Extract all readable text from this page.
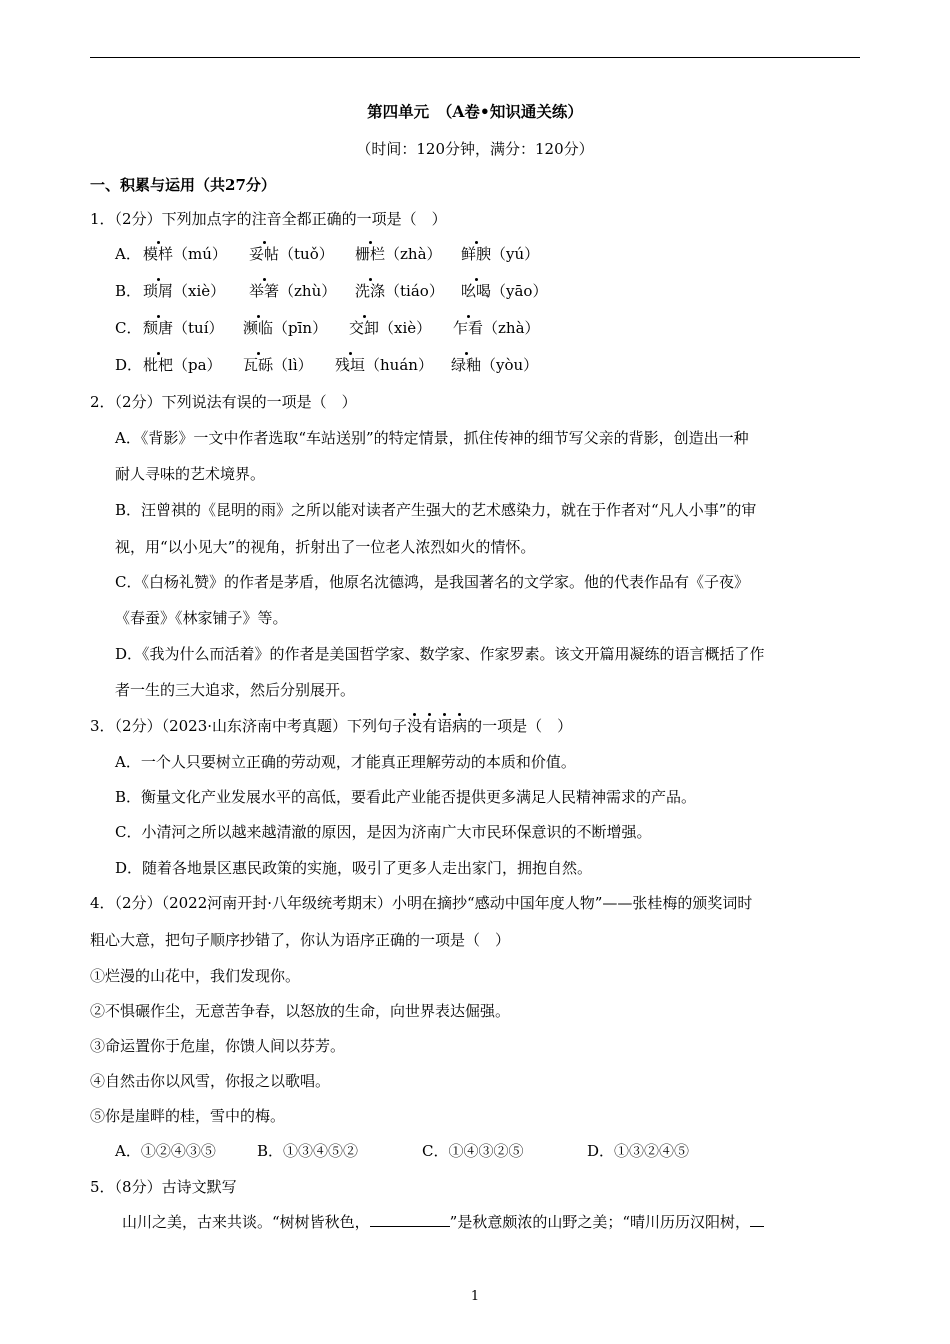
第四单元　（A卷•知识通关练）
（时间：120分钟，满分：120分）
一、积累与运用（共27分）
1．（2分）下列加点字的注音全都正确的一项是（　）
A． 模样（mú） 妥帖（tuǒ） 栅栏（zhà） 鲜腴（yú）
B． 琐屑（xiè） 举箸（zhù） 洗涤（tiáo） 吆喝（yāo）
C． 颓唐（tuí） 濒临（pīn） 交卸（xiè） 乍看（zhà）
D． 枇杷（pa） 瓦砾（lì） 残垣（huán） 绿釉（yòu）
2．（2分）下列说法有误的一项是（　）
A．《背影》一文中作者选取“车站送别”的特定情景，抓住传神的细节写父亲的背影，创造出一种
耐人寻味的艺术境界。
B．汪曾祺的《昆明的雨》之所以能对读者产生强大的艺术感染力，就在于作者对“凡人小事”的审
视，用“以小见大”的视角，折射出了一位老人浓烈如火的情怀。
C．《白杨礼赞》的作者是茅盾，他原名沈德鸿，是我国著名的文学家。他的代表作品有《子夜》
《春蚕》《林家铺子》等。
D．《我为什么而活着》的作者是美国哲学家、数学家、作家罗素。该文开篇用凝练的语言概括了作
者一生的三大追求，然后分别展开。
3．（2分）（2023·山东济南中考真题）下列句子没有语病的一项是（　）
A．一个人只要树立正确的劳动观，才能真正理解劳动的本质和价值。
B．衡量文化产业发展水平的高低，要看此产业能否提供更多满足人民精神需求的产品。
C．小清河之所以越来越清澈的原因，是因为济南广大市民环保意识的不断增强。
D．随着各地景区惠民政策的实施，吸引了更多人走出家门，拥抱自然。
4．（2分）（2022河南开封·八年级统考期末）小明在摘抄“感动中国年度人物”——张桂梅的颁奖词时
粗心大意，把句子顺序抄错了，你认为语序正确的一项是（　）
①烂漫的山花中，我们发现你。
②不惧碾作尘，无意苦争春，以怒放的生命，向世界表达倔强。
③命运置你于危崖，你馈人间以芬芳。
④自然击你以风雪，你报之以歌唱。
⑤你是崖畔的桂，雪中的梅。
A．①②④③⑤	B．①③④⑤②	C．①④③②⑤	D．①③②④⑤
5．（8分）古诗文默写
山川之美，古来共谈。“树树皆秋色，	”是秋意颇浓的山野之美；“晴川历历汉阳树，
1
